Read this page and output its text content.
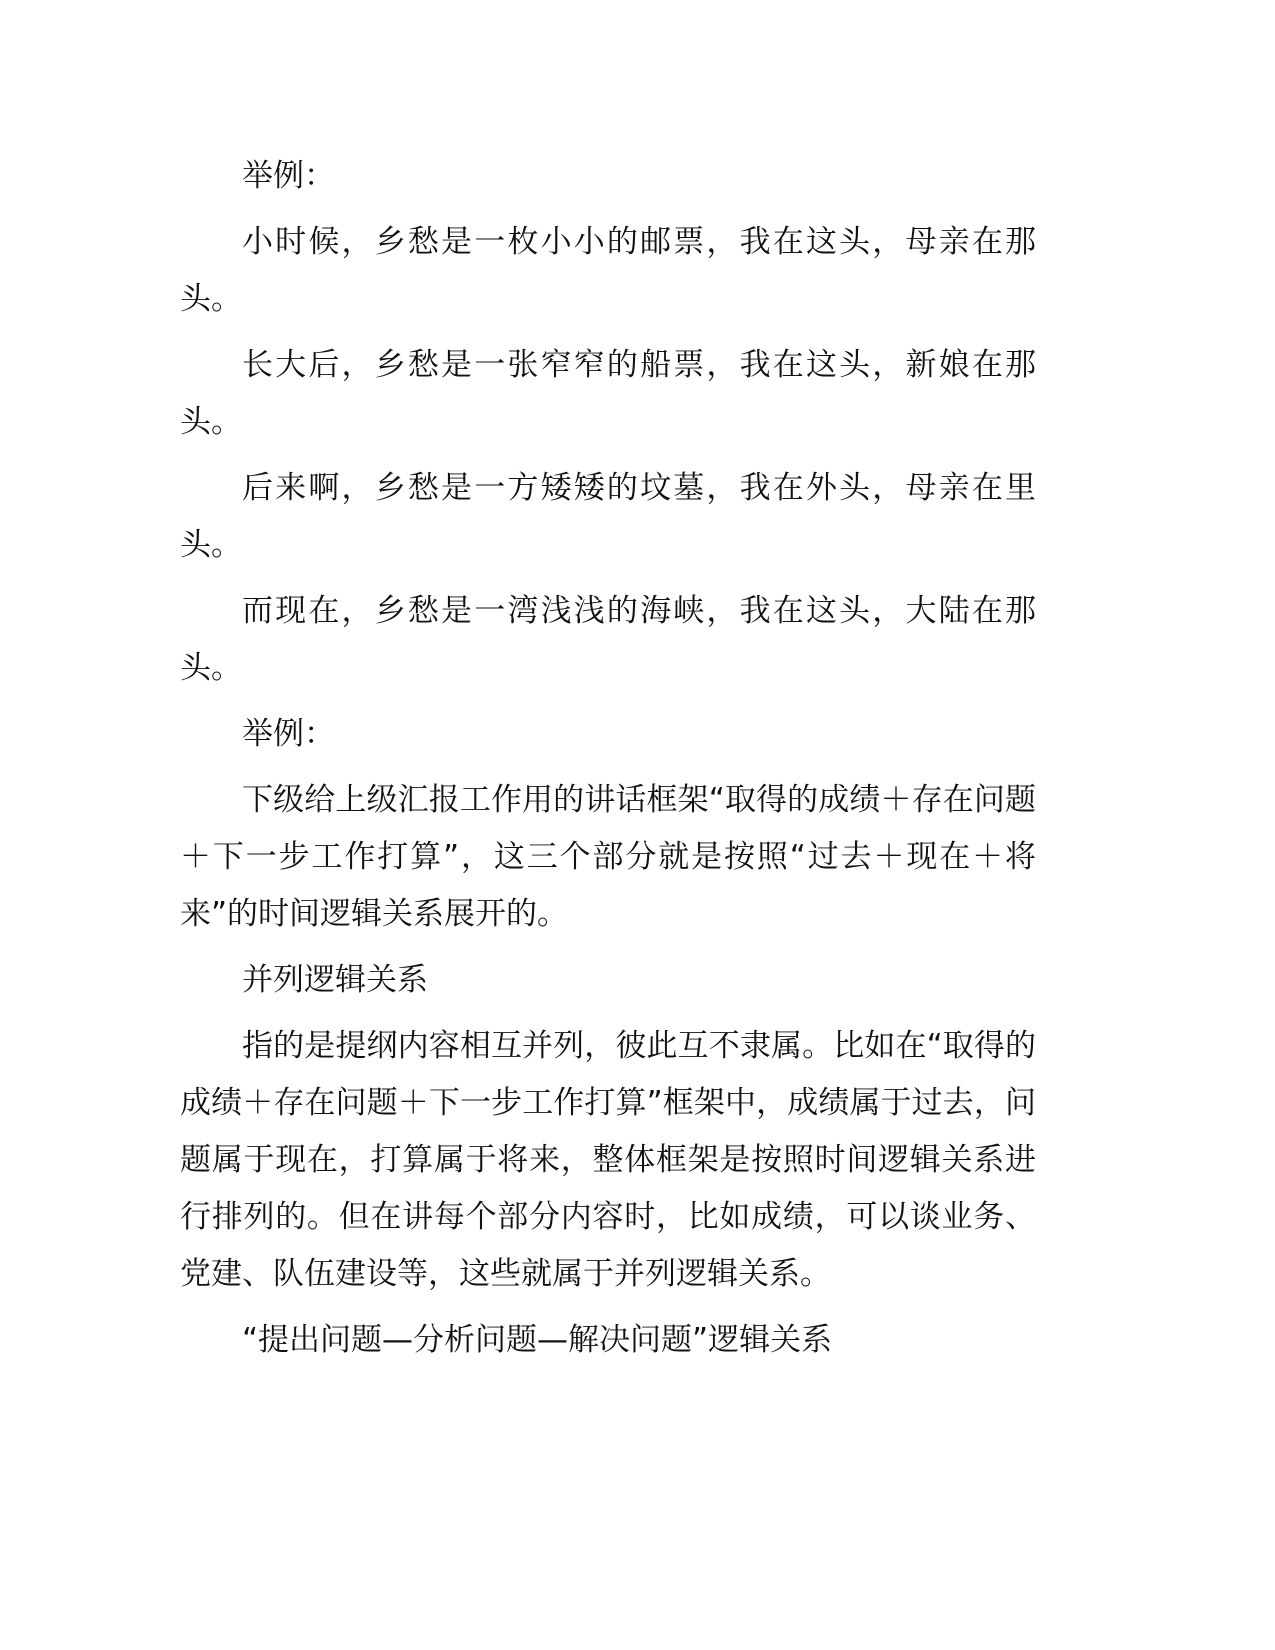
举例：

小时候，乡愁是一枚小小的邮票，我在这头，母亲在那头。

长大后，乡愁是一张窄窄的船票，我在这头，新娘在那头。

后来啊，乡愁是一方矮矮的坟墓，我在外头，母亲在里头。

而现在，乡愁是一湾浅浅的海峡，我在这头，大陆在那头。

举例：

下级给上级汇报工作用的讲话框架“取得的成绩＋存在问题＋下一步工作打算”，这三个部分就是按照“过去＋现在＋将来”的时间逻辑关系展开的。

并列逻辑关系

指的是提纲内容相互并列，彼此互不隶属。比如在“取得的成绩＋存在问题＋下一步工作打算”框架中，成绩属于过去，问题属于现在，打算属于将来，整体框架是按照时间逻辑关系进行排列的。但在讲每个部分内容时，比如成绩，可以谈业务、党建、队伍建设等，这些就属于并列逻辑关系。

“提出问题—分析问题—解决问题”逻辑关系
